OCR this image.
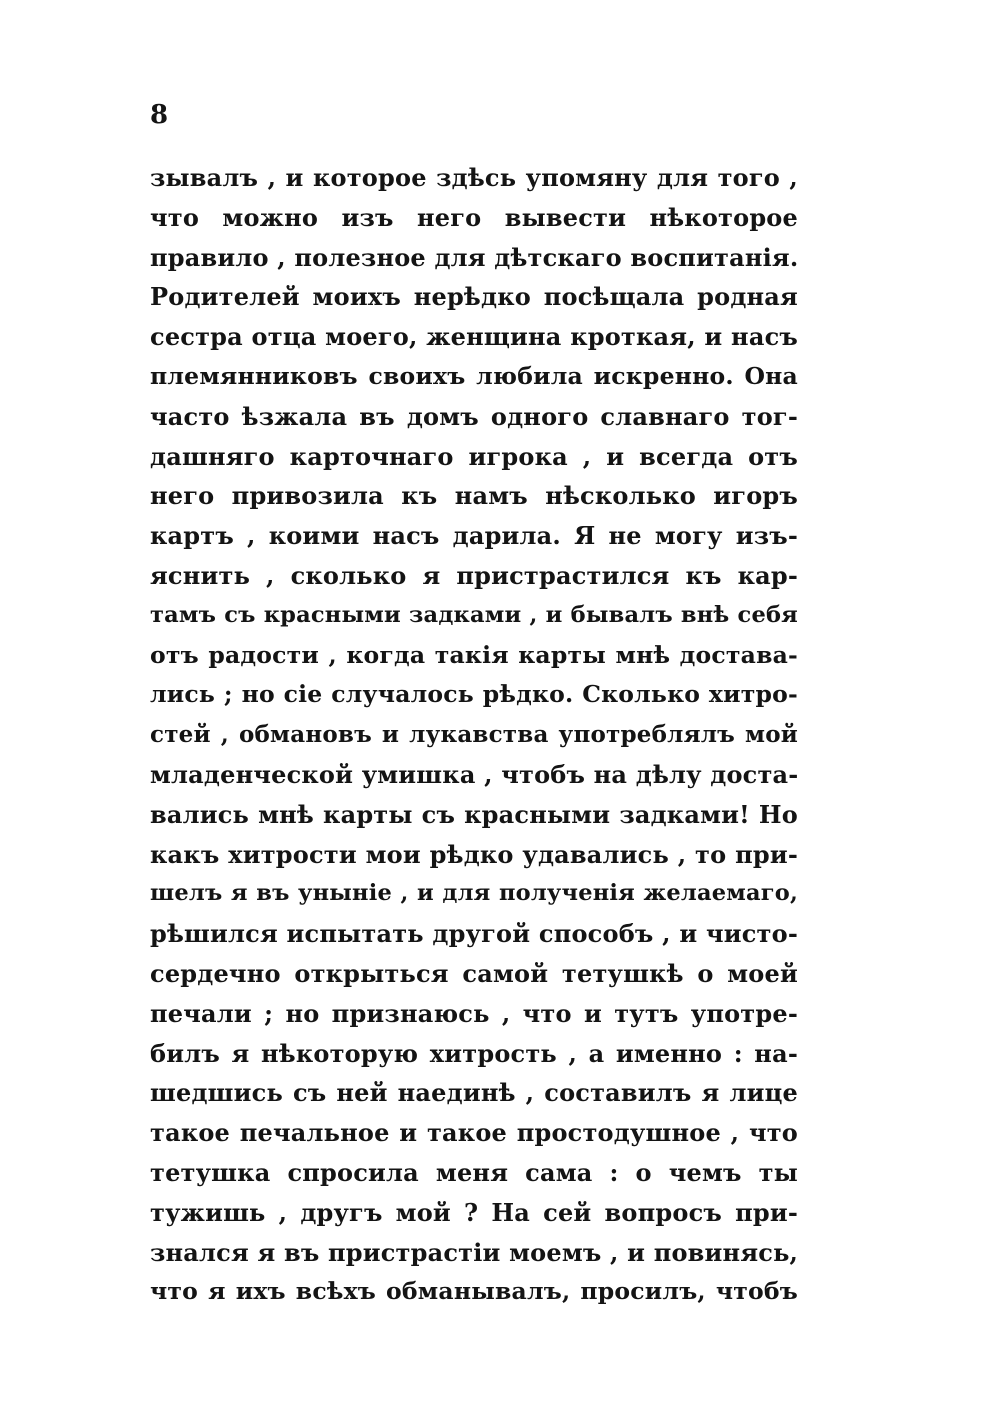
8
зывалъ , и которое здѣсь упомяну для того ,
что можно изъ него вывести нѣкоторое
правило , полезное для дѣтскаго воспитанія.
Родителей моихъ нерѣдко посѣщала родная
сестра отца моего, женщина кроткая, и насъ
племянниковъ своихъ любила искренно. Она
часто ѣзжала въ домъ одного славнаго тог-
дашняго карточнаго игрока , и всегда отъ
него привозила къ намъ нѣсколько игоръ
картъ , коими насъ дарила. Я не могу изъ-
яснить , сколько я пристрастился къ кар-
тамъ съ красными задками , и бывалъ внѣ себя
отъ радости , когда такія карты мнѣ достава-
лись ; но сіе случалось рѣдко. Сколько хитро-
стей , обмановъ и лукавства употреблялъ мой
младенческой умишка , чтобъ на дѣлу доста-
вались мнѣ карты съ красными задками! Но
какъ хитрости мои рѣдко удавались , то при-
шелъ я въ уныніе , и для полученія желаемаго,
рѣшился испытать другой способъ , и чисто-
сердечно открыться самой тетушкѣ о моей
печали ; но признаюсь , что и тутъ употре-
билъ я нѣкоторую хитрость , а именно : на-
шедшись съ ней наединѣ , составилъ я лице
такое печальное и такое простодушное , что
тетушка спросила меня сама : о чемъ ты
тужишь , другъ мой ? На сей вопросъ при-
знался я въ пристрастіи моемъ , и повинясь,
что я ихъ всѣхъ обманывалъ, просилъ, чтобъ
